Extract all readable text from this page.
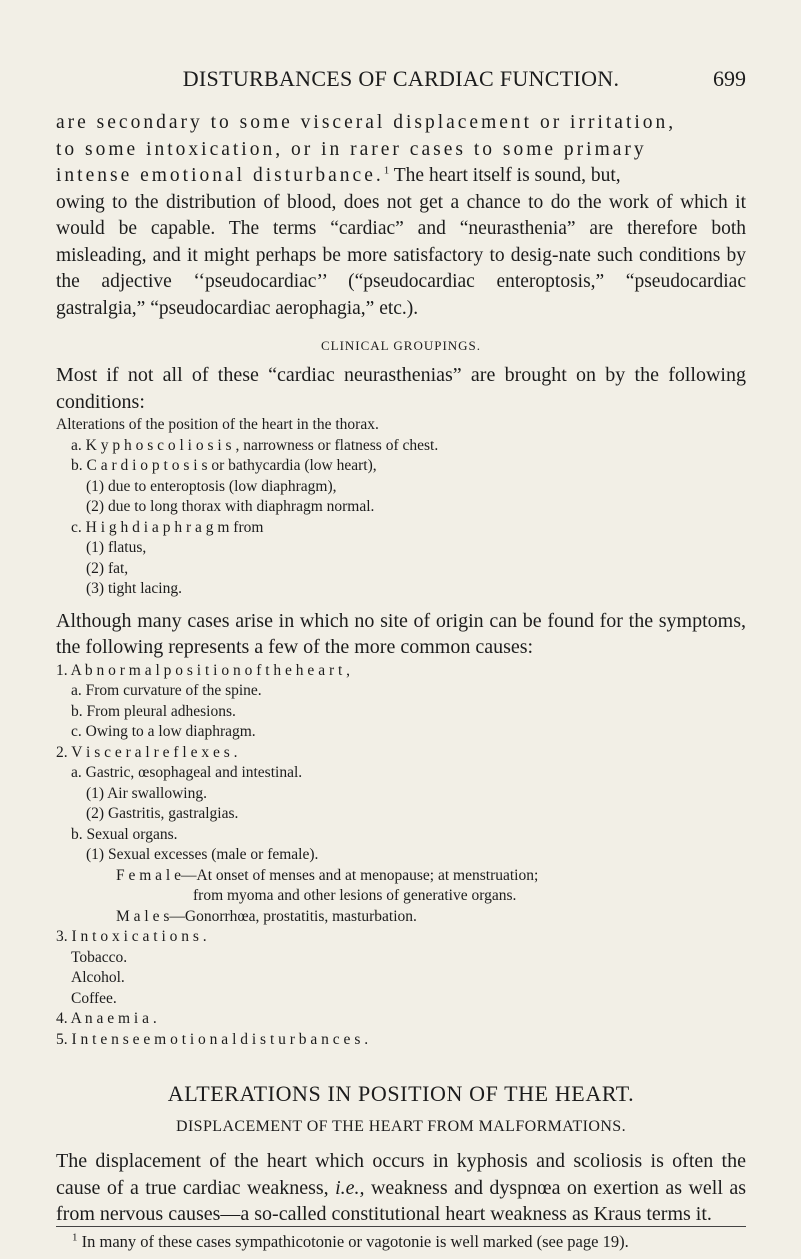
DISTURBANCES OF CARDIAC FUNCTION.	699
are secondary to some visceral displacement or irritation,
to some intoxication, or in rarer cases to some primary
intense emotional disturbance.$^1$ The heart itself is sound, but,

owing to the distribution of blood, does not get a chance to do the work of which it would be capable. The terms “cardiac” and “neurasthenia” are therefore both misleading, and it might perhaps be more satisfactory to desig-nate such conditions by the adjective ‘‘pseudocardiac’’ (“pseudocardiac enteroptosis,” “pseudocardiac gastralgia,” “pseudocardiac aerophagia,” etc.).

CLINICAL GROUPINGS.

Most if not all of these “cardiac neurasthenias” are brought on by the following conditions:

Alterations of the position of the heart in the thorax.
a. K y p h o s c o l i o s i s , narrowness or flatness of chest.
b. C a r d i o p t o s i s or bathycardia (low heart),
(1) due to enteroptosis (low diaphragm),
(2) due to long thorax with diaphragm normal.
c. H i g h d i a p h r a g m from
(1) flatus,
(2) fat,
(3) tight lacing.

Although many cases arise in which no site of origin can be found for the symptoms, the following represents a few of the more common causes:

1. A b n o r m a l p o s i t i o n o f t h e h e a r t ,
a. From curvature of the spine.
b. From pleural adhesions.
c. Owing to a low diaphragm.
2. V i s c e r a l r e f l e x e s .
a. Gastric, œsophageal and intestinal.
(1) Air swallowing.
(2) Gastritis, gastralgias.
b. Sexual organs.
(1) Sexual excesses (male or female).
F e m a l e—At onset of menses and at menopause; at menstruation;
from myoma and other lesions of generative organs.
M a l e s—Gonorrhœa, prostatitis, masturbation.
3. I n t o x i c a t i o n s .
Tobacco.
Alcohol.
Coffee.
4. A n a e m i a .
5. I n t e n s e e m o t i o n a l d i s t u r b a n c e s .
ALTERATIONS IN POSITION OF THE HEART.
DISPLACEMENT OF THE HEART FROM MALFORMATIONS.

The displacement of the heart which occurs in kyphosis and scoliosis is often the cause of a true cardiac weakness, i.e., weakness and dyspnœa on exertion as well as from nervous causes—a so-called constitutional heart weakness as Kraus terms it.

$^1$ In many of these cases sympathicotonie or vagotonie is well marked (see page 19).
